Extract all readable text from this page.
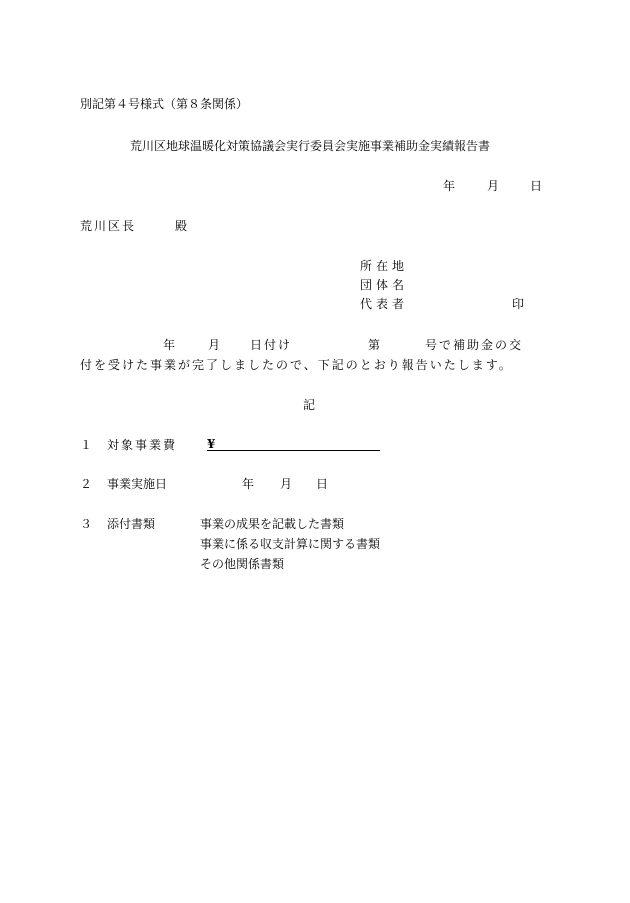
別記第４号様式（第８条関係）
荒川区地球温暖化対策協議会実行委員会実施事業補助金実績報告書
年	月	日
荒川区長	殿
所在地
団体名
代表者	印
年	月 日付け	第	号で補助金の交
付を受けた事業が完了しましたので、下記のとおり報告いたします。
記
１ 対象事業費 ¥
２ 事業実施日	年 月 日
３ 添付書類	事業の成果を記載した書類
事業に係る収支計算に関する書類
その他関係書類
